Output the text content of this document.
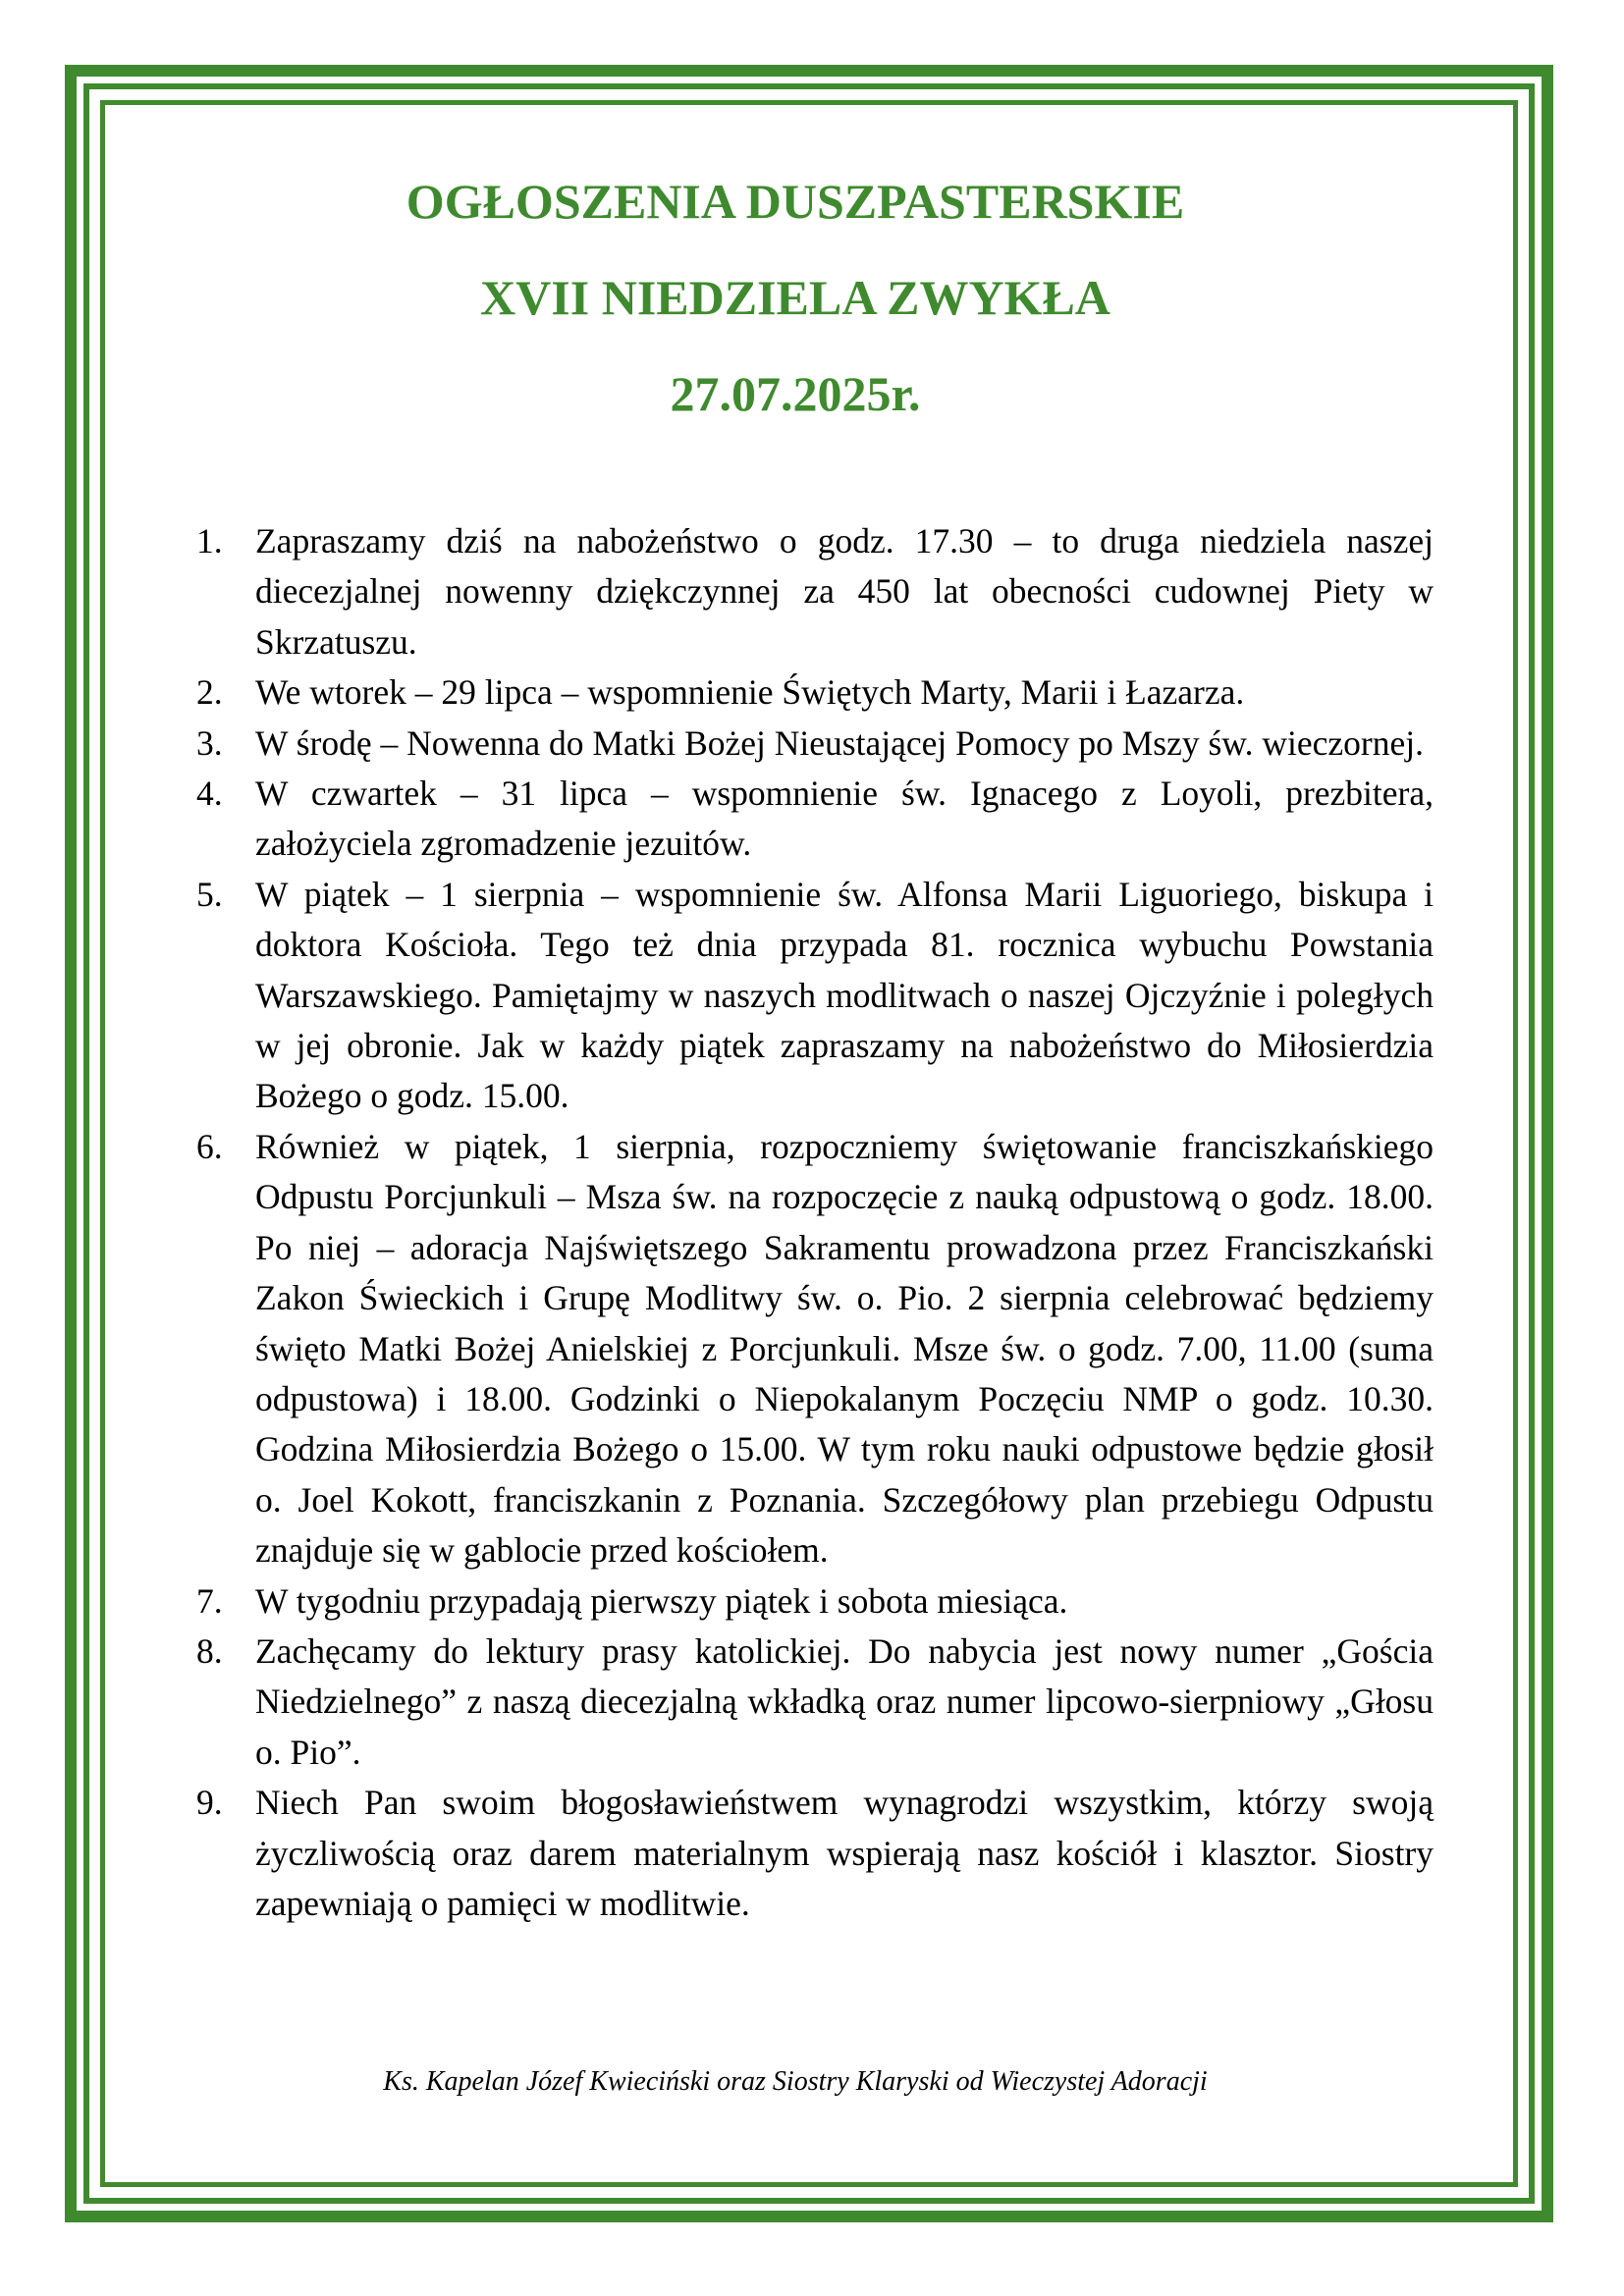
OGŁOSZENIA DUSZPASTERSKIE
XVII NIEDZIELA ZWYKŁA
27.07.2025r.
1. Zapraszamy dziś na nabożeństwo o godz. 17.30 – to druga niedziela naszej diecezjalnej nowenny dziękczynnej za 450 lat obecności cudownej Piety w Skrzatuszu.
2. We wtorek – 29 lipca – wspomnienie Świętych Marty, Marii i Łazarza.
3. W środę – Nowenna do Matki Bożej Nieustającej Pomocy po Mszy św. wieczornej.
4. W czwartek – 31 lipca – wspomnienie św. Ignacego z Loyoli, prezbitera, założyciela zgromadzenie jezuitów.
5. W piątek – 1 sierpnia – wspomnienie św. Alfonsa Marii Liguoriego, biskupa i doktora Kościoła. Tego też dnia przypada 81. rocznica wybuchu Powstania Warszawskiego. Pamiętajmy w naszych modlitwach o naszej Ojczyźnie i poległych w jej obronie. Jak w każdy piątek zapraszamy na nabożeństwo do Miłosierdzia Bożego o godz. 15.00.
6. Również w piątek, 1 sierpnia, rozpoczniemy świętowanie franciszkańskiego Odpustu Porcjunkuli – Msza św. na rozpoczęcie z nauką odpustową o godz. 18.00. Po niej – adoracja Najświętszego Sakramentu prowadzona przez Franciszkański Zakon Świeckich i Grupę Modlitwy św. o. Pio. 2 sierpnia celebrować będziemy święto Matki Bożej Anielskiej z Porcjunkuli. Msze św. o godz. 7.00, 11.00 (suma odpustowa) i 18.00. Godzinki o Niepokalanym Poczęciu NMP o godz. 10.30. Godzina Miłosierdzia Bożego o 15.00. W tym roku nauki odpustowe będzie głosił o. Joel Kokott, franciszkanin z Poznania. Szczegółowy plan przebiegu Odpustu znajduje się w gablocie przed kościołem.
7. W tygodniu przypadają pierwszy piątek i sobota miesiąca.
8. Zachęcamy do lektury prasy katolickiej. Do nabycia jest nowy numer „Gościa Niedzielnego” z naszą diecezjalną wkładką oraz numer lipcowo-sierpniowy „Głosu o. Pio”.
9. Niech Pan swoim błogosławieństwem wynagrodzi wszystkim, którzy swoją życzliwością oraz darem materialnym wspierają nasz kościół i klasztor. Siostry zapewniają o pamięci w modlitwie.
Ks. Kapelan Józef Kwieciński oraz Siostry Klaryski od Wieczystej Adoracji
